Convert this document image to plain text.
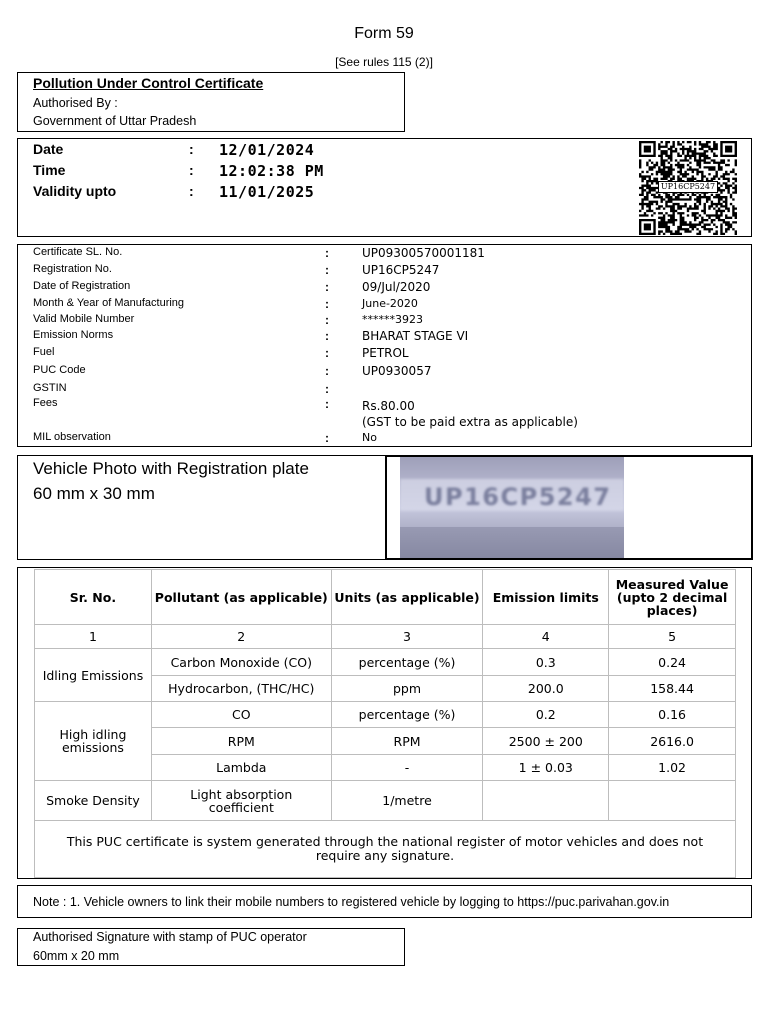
Form 59
[See rules 115 (2)]
Pollution Under Control Certificate
Authorised By :
Government of Uttar Pradesh
Date	: 12/01/2024
Time	: 12:02:38 PM
Validity upto	: 11/01/2025	UP16CP5247
Certificate SL. No.	:	UP09300570001181
Registration No.	:	UP16CP5247
Date of Registration	:	09/Jul/2020
Month & Year of Manufacturing	:	June-2020
Valid Mobile Number	:	******3923
Emission Norms	:	BHARAT STAGE VI
Fuel	:	PETROL
PUC Code	:	UP0930057
GSTIN	:
Fees	:	Rs.80.00
(GST to be paid extra as applicable)
MIL observation	:	No
Vehicle Photo with Registration plate
60 mm x 30 mm	UP16CP5247
Sr. No.	Pollutant (as applicable)	Units (as applicable)	Emission limits	Measured Value (upto 2 decimal places)
1	2	3	4	5
Idling Emissions	Carbon Monoxide (CO)	percentage (%)	0.3	0.24
	Hydrocarbon, (THC/HC)	ppm	200.0	158.44
High idling emissions	CO	percentage (%)	0.2	0.16
	RPM	RPM	2500 ± 200	2616.0
	Lambda	-	1 ± 0.03	1.02
Smoke Density	Light absorption coefficient	1/metre		
This PUC certificate is system generated through the national register of motor vehicles and does not require any signature.				
Note : 1. Vehicle owners to link their mobile numbers to registered vehicle by logging to https://puc.parivahan.gov.in
Authorised Signature with stamp of PUC operator
60mm x 20 mm
